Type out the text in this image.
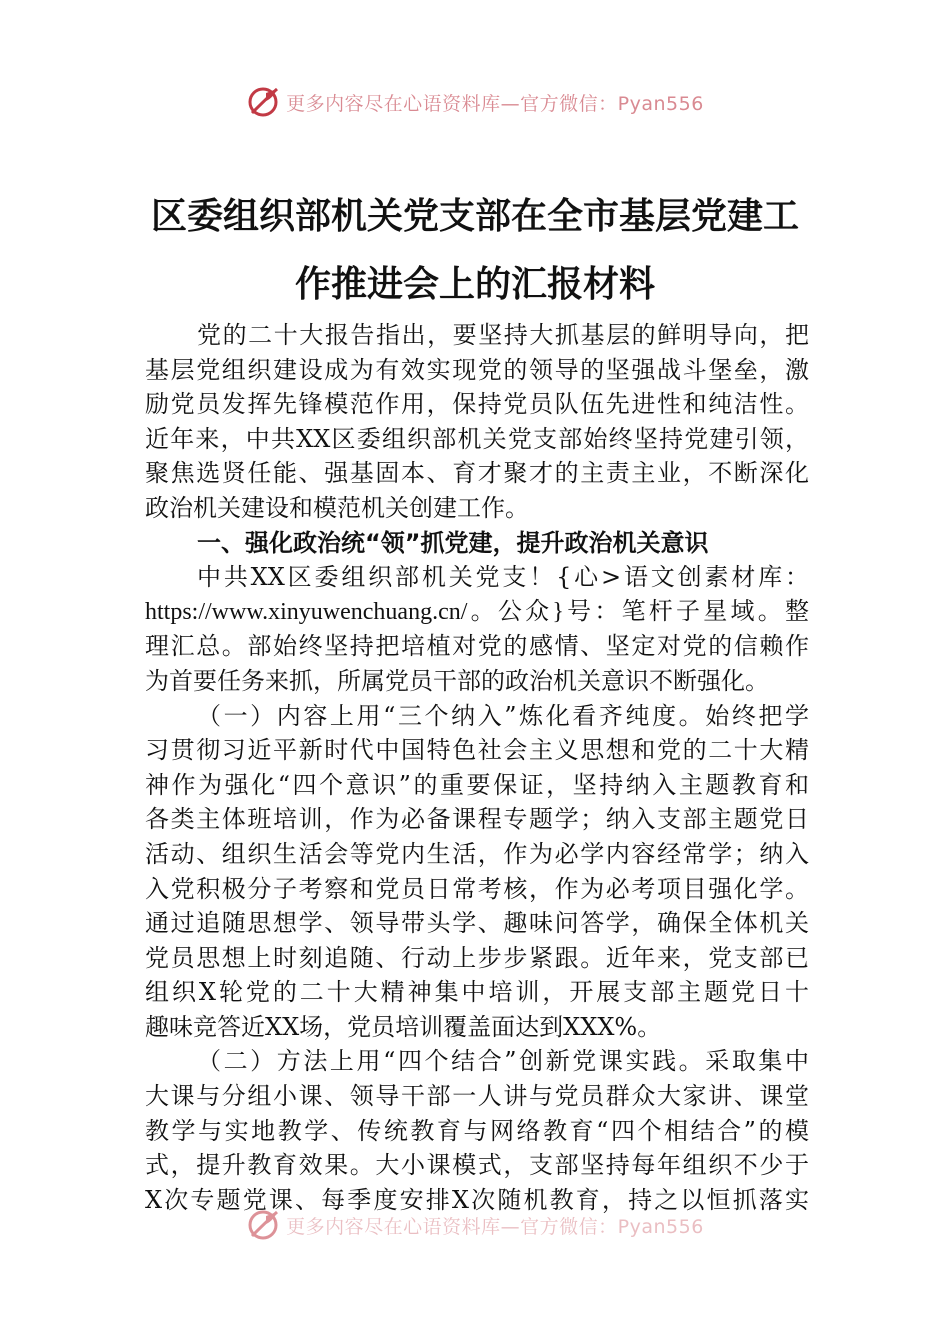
更多内容尽在心语资料库—官方微信：Pyan556
区委组织部机关党支部在全市基层党建工
作推进会上的汇报材料
党的二十大报告指出，要坚持大抓基层的鲜明导向，把
基层党组织建设成为有效实现党的领导的坚强战斗堡垒，激
励党员发挥先锋模范作用，保持党员队伍先进性和纯洁性。
近年来，中共XX区委组织部机关党支部始终坚持党建引领，
聚焦选贤任能、强基固本、育才聚才的主责主业，不断深化
政治机关建设和模范机关创建工作。
一、强化政治统“领”抓党建，提升政治机关意识
中共XX区委组织部机关党支！{心>语文创素材库：
https://www.xinyuwenchuang.cn/。公众}号：笔杆子星域。整
理汇总。部始终坚持把培植对党的感情、坚定对党的信赖作
为首要任务来抓，所属党员干部的政治机关意识不断强化。
（一）内容上用“三个纳入”炼化看齐纯度。始终把学
习贯彻习近平新时代中国特色社会主义思想和党的二十大精
神作为强化“四个意识”的重要保证，坚持纳入主题教育和
各类主体班培训，作为必备课程专题学；纳入支部主题党日
活动、组织生活会等党内生活，作为必学内容经常学；纳入
入党积极分子考察和党员日常考核，作为必考项目强化学。
通过追随思想学、领导带头学、趣味问答学，确保全体机关
党员思想上时刻追随、行动上步步紧跟。近年来，党支部已
组织X轮党的二十大精神集中培训，开展支部主题党日十
趣味竞答近XX场，党员培训覆盖面达到XXX%。
（二）方法上用“四个结合”创新党课实践。采取集中
大课与分组小课、领导干部一人讲与党员群众大家讲、课堂
教学与实地教学、传统教育与网络教育“四个相结合”的模
式，提升教育效果。大小课模式，支部坚持每年组织不少于
X次专题党课、每季度安排X次随机教育，持之以恒抓落实
更多内容尽在心语资料库—官方微信：Pyan556
